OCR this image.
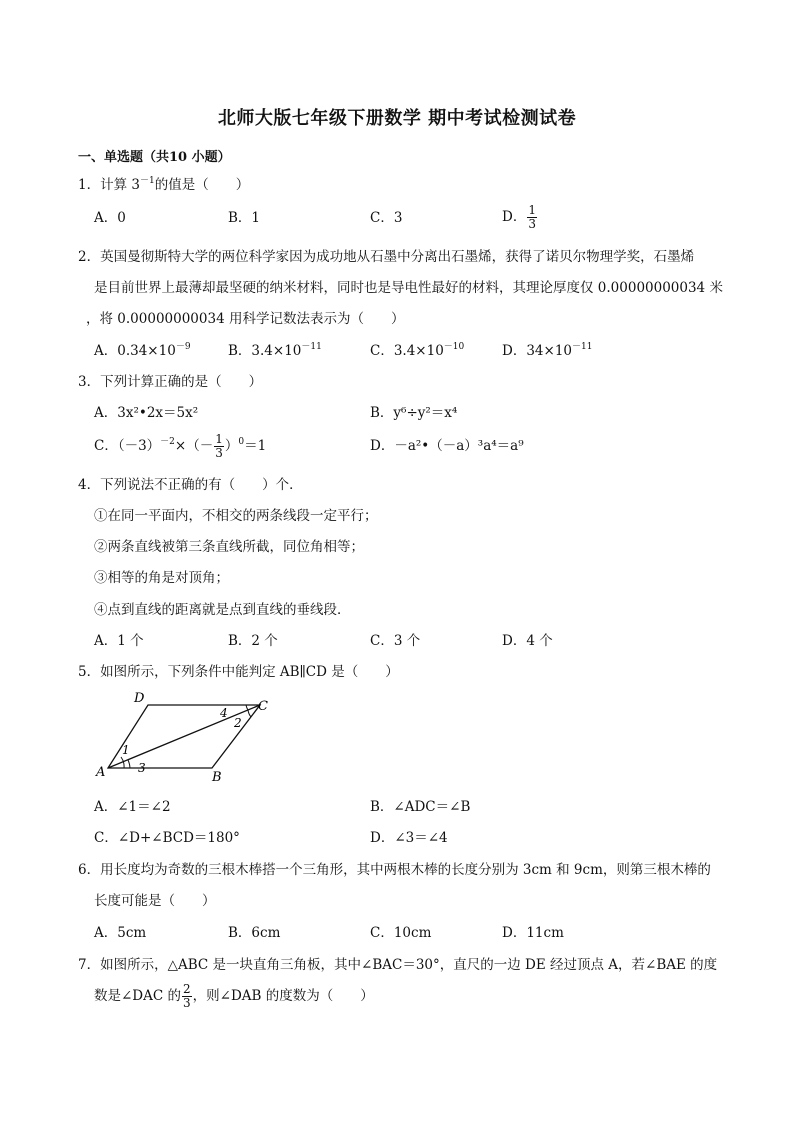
北师大版七年级下册数学 期中考试检测试卷
一、单选题（共10 小题）
1．计算 $3^{-1}$的值是（　　）
A．0	B．1	C．3	D． $\frac{1}{3}$
2．英国曼彻斯特大学的两位科学家因为成功地从石墨中分离出石墨烯，获得了诺贝尔物理学奖，石墨烯
是目前世界上最薄却最坚硬的纳米材料，同时也是导电性最好的材料，其理论厚度仅 0.00000000034 米
，将 0.00000000034 用科学记数法表示为（　　）
A．$0.34\times 10^{-9}$	B．$3.4\times 10^{-11}$	C．$3.4\times 10^{-10}$	D．$34\times 10^{-11}$
3．下列计算正确的是（　　）
A．3x²•2x＝5x²	B．y⁶÷y²＝x⁴
C．$(-3)^{-2}\times(- \frac{1}{3} )^0=1$	D．－a²•（－a）³a⁴＝a⁹
4．下列说法不正确的有（　　）个．
①在同一平面内，不相交的两条线段一定平行；
②两条直线被第三条直线所截，同位角相等；
③相等的角是对顶角；
④点到直线的距离就是点到直线的垂线段．
A．1 个	B．2 个	C．3 个	D．4 个
5．如图所示，下列条件中能判定 AB∥CD 是（　　）
A	B
C
D
1
2
3
4
A．∠1＝∠2	B．∠ADC＝∠B
C．∠D+∠BCD＝180°	D．∠3＝∠4
6．用长度均为奇数的三根木棒搭一个三角形，其中两根木棒的长度分别为 3cm 和 9cm，则第三根木棒的
长度可能是（　　）
A．5cm	B．6cm	C．10cm	D．11cm
7．如图所示，△ABC 是一块直角三角板，其中∠BAC＝30°，直尺的一边 DE 经过顶点 A，若∠BAE 的度
数是∠DAC 的 $\frac{2}{3}$ ，则∠DAB 的度数为（　　）
